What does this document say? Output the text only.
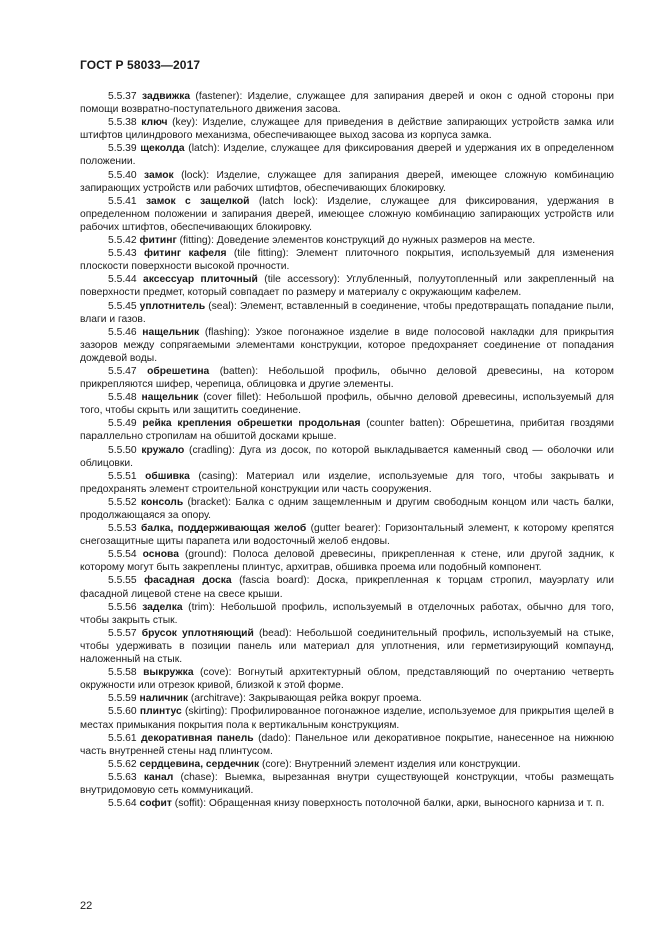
ГОСТ Р 58033—2017

5.5.37 задвижка (fastener): Изделие, служащее для запирания дверей и окон с одной стороны при помощи возвратно-поступательного движения засова.

5.5.38 ключ (key): Изделие, служащее для приведения в действие запирающих устройств замка или штифтов цилиндрового механизма, обеспечивающее выход засова из корпуса замка.

5.5.39 щеколда (latch): Изделие, служащее для фиксирования дверей и удержания их в определенном положении.

5.5.40 замок (lock): Изделие, служащее для запирания дверей, имеющее сложную комбинацию запирающих устройств или рабочих штифтов, обеспечивающих блокировку.

5.5.41 замок с защелкой (latch lock): Изделие, служащее для фиксирования, удержания в определенном положении и запирания дверей, имеющее сложную комбинацию запирающих устройств или рабочих штифтов, обеспечивающих блокировку.

5.5.42 фитинг (fitting): Доведение элементов конструкций до нужных размеров на месте.

5.5.43 фитинг кафеля (tile fitting): Элемент плиточного покрытия, используемый для изменения плоскости поверхности высокой прочности.

5.5.44 аксессуар плиточный (tile accessory): Углубленный, полуутопленный или закрепленный на поверхности предмет, который совпадает по размеру и материалу с окружающим кафелем.

5.5.45 уплотнитель (seal): Элемент, вставленный в соединение, чтобы предотвращать попадание пыли, влаги и газов.

5.5.46 нащельник (flashing): Узкое погонажное изделие в виде полосовой накладки для прикрытия зазоров между сопрягаемыми элементами конструкции, которое предохраняет соединение от попадания дождевой воды.

5.5.47 обрешетина (batten): Небольшой профиль, обычно деловой древесины, на котором прикрепляются шифер, черепица, облицовка и другие элементы.

5.5.48 нащельник (cover fillet): Небольшой профиль, обычно деловой древесины, используемый для того, чтобы скрыть или защитить соединение.

5.5.49 рейка крепления обрешетки продольная (counter batten): Обрешетина, прибитая гвоздями параллельно стропилам на обшитой досками крыше.

5.5.50 кружало (cradling): Дуга из досок, по которой выкладывается каменный свод — оболочки или облицовки.

5.5.51 обшивка (casing): Материал или изделие, используемые для того, чтобы закрывать и предохранять элемент строительной конструкции или часть сооружения.

5.5.52 консоль (bracket): Балка с одним защемленным и другим свободным концом или часть балки, продолжающаяся за опору.

5.5.53 балка, поддерживающая желоб (gutter bearer): Горизонтальный элемент, к которому крепятся снегозащитные щиты парапета или водосточный желоб ендовы.

5.5.54 основа (ground): Полоса деловой древесины, прикрепленная к стене, или другой задник, к которому могут быть закреплены плинтус, архитрав, обшивка проема или подобный компонент.

5.5.55 фасадная доска (fascia board): Доска, прикрепленная к торцам стропил, мауэрлату или фасадной лицевой стене на свесе крыши.

5.5.56 заделка (trim): Небольшой профиль, используемый в отделочных работах, обычно для того, чтобы закрыть стык.

5.5.57 брусок уплотняющий (bead): Небольшой соединительный профиль, используемый на стыке, чтобы удерживать в позиции панель или материал для уплотнения, или герметизирующий компаунд, наложенный на стык.

5.5.58 выкружка (cove): Вогнутый архитектурный облом, представляющий по очертанию четверть окружности или отрезок кривой, близкой к этой форме.

5.5.59 наличник (architrave): Закрывающая рейка вокруг проема.

5.5.60 плинтус (skirting): Профилированное погонажное изделие, используемое для прикрытия щелей в местах примыкания покрытия пола к вертикальным конструкциям.

5.5.61 декоративная панель (dado): Панельное или декоративное покрытие, нанесенное на нижнюю часть внутренней стены над плинтусом.

5.5.62 сердцевина, сердечник (core): Внутренний элемент изделия или конструкции.

5.5.63 канал (chase): Выемка, вырезанная внутри существующей конструкции, чтобы размещать внутридомовую сеть коммуникаций.

5.5.64 софит (soffit): Обращенная книзу поверхность потолочной балки, арки, выносного карниза и т. п.

22
